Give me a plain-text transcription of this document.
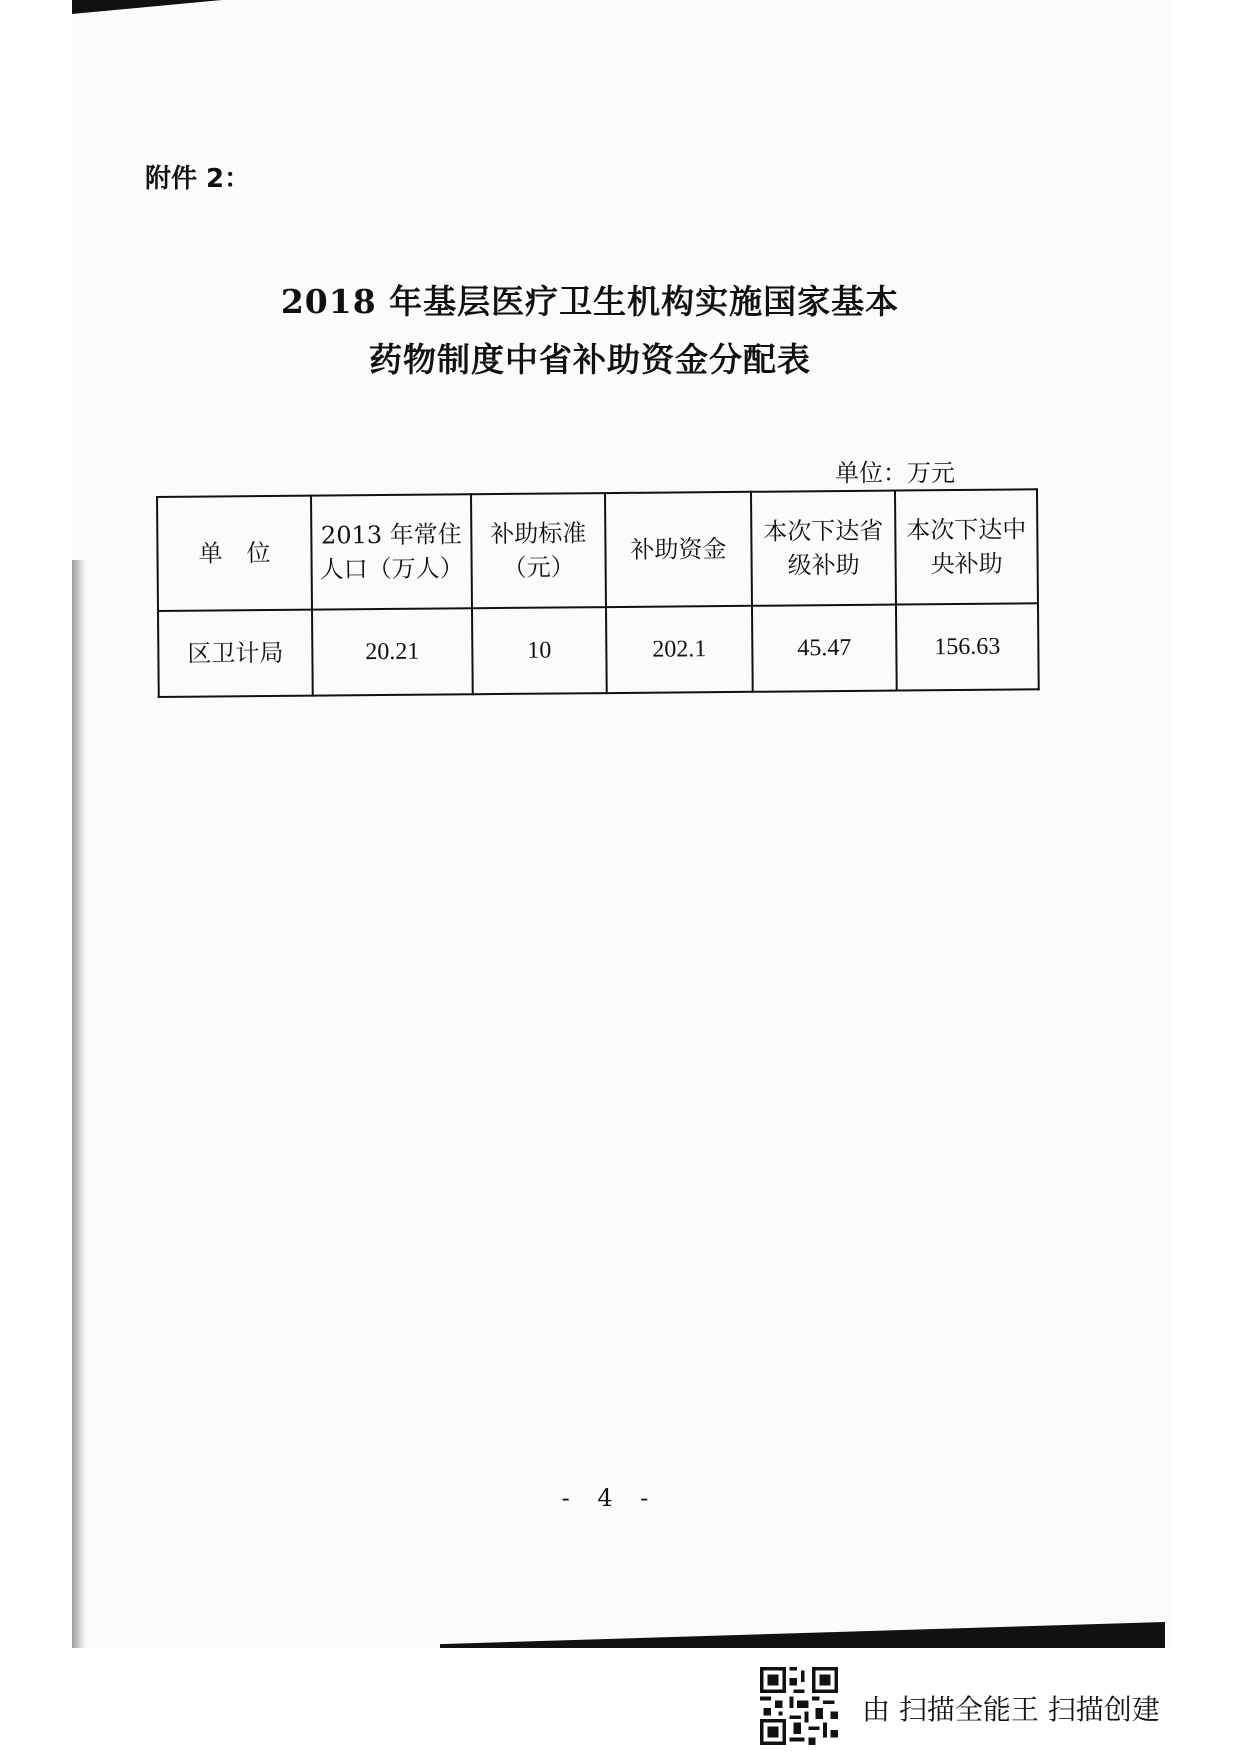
附件 2：
2018 年基层医疗卫生机构实施国家基本
药物制度中省补助资金分配表
单位：万元
单　位	2013 年常住人口（万人）	补助标准（元）	补助资金	本次下达省级补助	本次下达中央补助
区卫计局	20.21	10	202.1	45.47	156.63
- 4 -
由 扫描全能王 扫描创建
